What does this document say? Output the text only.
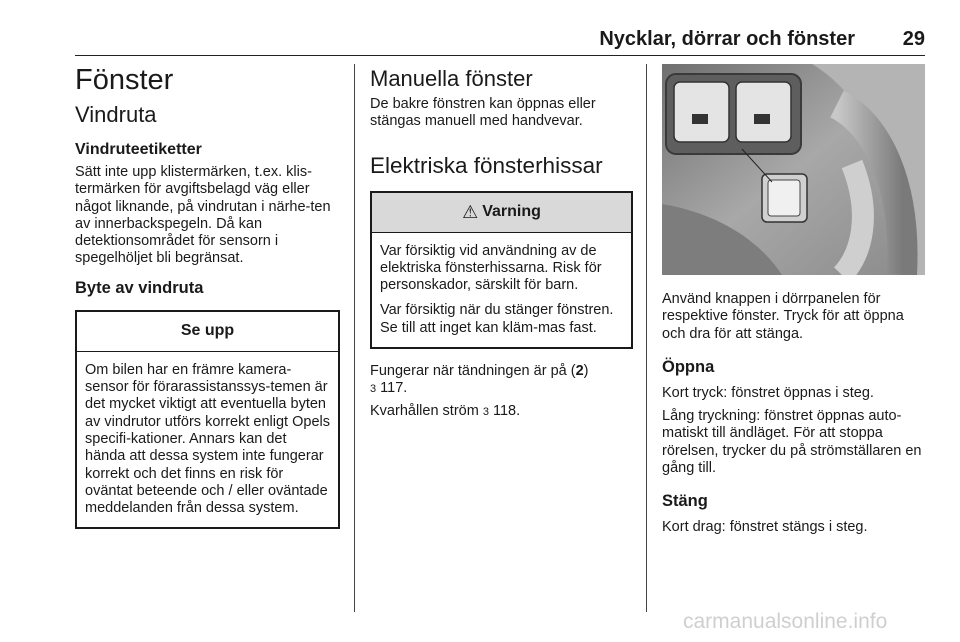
Nycklar, dörrar och fönster 29
Fönster
Vindruta
Vindruteetiketter
Sätt inte upp klistermärken, t.ex. klis-termärken för avgiftsbelagd väg eller något liknande, på vindrutan i närhe-ten av innerbackspegeln. Då kan detektionsområdet för sensorn i spegelhöljet bli begränsat.
Byte av vindruta
Se upp
Om bilen har en främre kamera-sensor för förarassistanssys-temen är det mycket viktigt att eventuella byten av vindrutor utförs korrekt enligt Opels specifi-kationer. Annars kan det hända att dessa system inte fungerar korrekt och det finns en risk för oväntat beteende och / eller oväntade meddelanden från dessa system.
Manuella fönster
De bakre fönstren kan öppnas eller stängas manuell med handvevar.
Elektriska fönsterhissar
⚠ Varning
Var försiktig vid användning av de elektriska fönsterhissarna. Risk för personskador, särskilt för barn.
Var försiktig när du stänger fönstren. Se till att inget kan kläm-mas fast.
Fungerar när tändningen är på (2)
3 117.
Kvarhållen ström 3 118.
Använd knappen i dörrpanelen för respektive fönster. Tryck för att öppna och dra för att stänga.
Öppna
Kort tryck: fönstret öppnas i steg.
Lång tryckning: fönstret öppnas auto-matiskt till ändläget. För att stoppa rörelsen, trycker du på strömställaren en gång till.
Stäng
Kort drag: fönstret stängs i steg.
carmanualsonline.info
